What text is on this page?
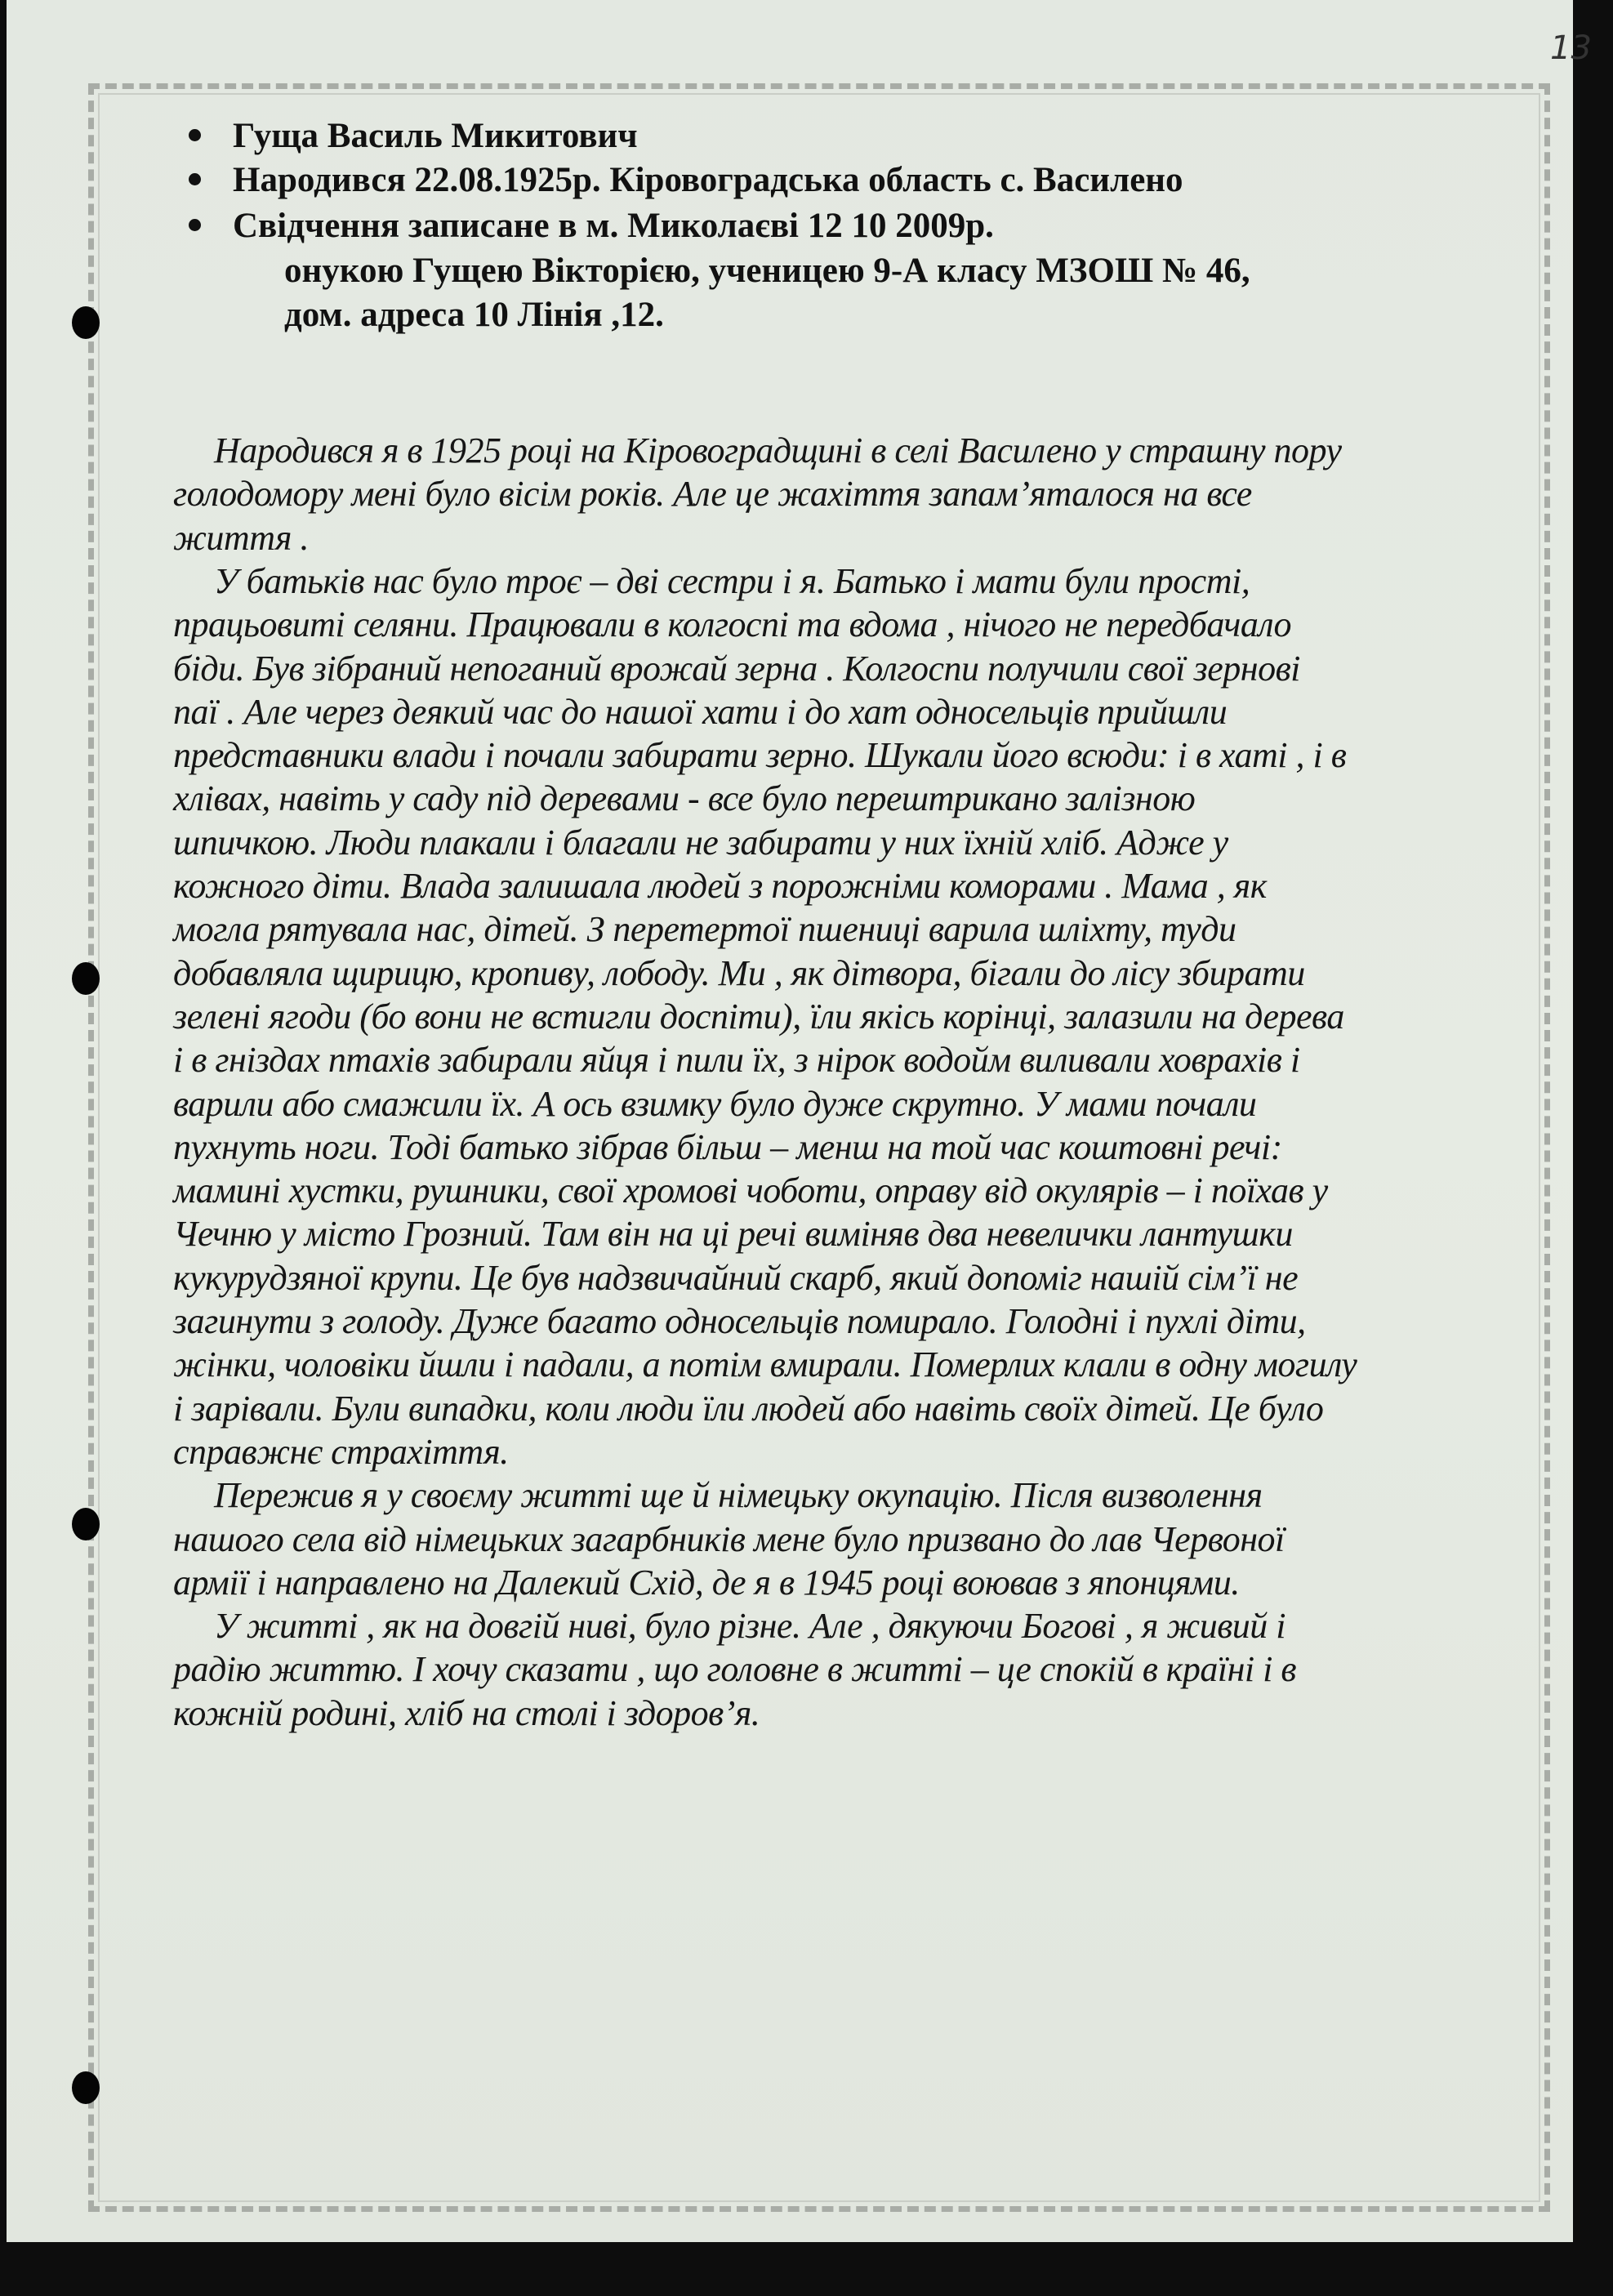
13
Гуща Василь Микитович
Народився 22.08.1925р. Кіровоградська область с. Василено
Свідчення записане в м. Миколаєві 12 10 2009р.
онукою Гущею Вікторією, ученицею 9-А класу МЗОШ № 46,
дом. адреса 10 Лінія ,12.
Народився я в 1925 році на Кіровоградщині в селі Василено у страшну пору
голодомору мені було вісім років. Але це жахіття запам’яталося на все
життя .
У батьків нас було троє – дві сестри і я. Батько і мати були прості,
працьовиті селяни. Працювали в колгоспі та вдома , нічого не передбачало
біди. Був зібраний непоганий врожай зерна . Колгоспи получили свої зернові
паї . Але через деякий час до нашої хати і до хат односельців прийшли
представники влади і почали забирати зерно. Шукали його всюди: і в хаті , і в
хлівах, навіть у саду під деревами - все було перештрикано залізною
шпичкою. Люди плакали і благали не забирати у них їхній хліб. Адже у
кожного діти. Влада залишала людей з порожніми коморами . Мама , як
могла рятувала нас, дітей. З перетертої пшениці варила шліхту, туди
добавляла щирицю, кропиву, лободу. Ми , як дітвора, бігали до лісу збирати
зелені ягоди (бо вони не встигли доспіти), їли якісь корінці, залазили на дерева
і в гніздах птахів забирали яйця і пили їх, з нірок водойм виливали ховрахів і
варили або смажили їх. А ось взимку було дуже скрутно. У мами почали
пухнуть ноги. Тоді батько зібрав більш – менш на той час коштовні речі:
мамині хустки, рушники, свої хромові чоботи, оправу від окулярів – і поїхав у
Чечню у місто Грозний. Там він на ці речі виміняв два невелички лантушки
кукурудзяної крупи. Це був надзвичайний скарб, який допоміг нашій сім’ї не
загинути з голоду. Дуже багато односельців помирало. Голодні і пухлі діти,
жінки, чоловіки йшли і падали, а потім вмирали. Померлих клали в одну могилу
і зарівали. Були випадки, коли люди їли людей або навіть своїх дітей. Це було
справжнє страхіття.
Пережив я у своєму житті ще й німецьку окупацію. Після визволення
нашого села від німецьких загарбників мене було призвано до лав Червоної
армії і направлено на Далекий Схід, де я в 1945 році воював з японцями.
У житті , як на довгій ниві, було різне. Але , дякуючи Богові , я живий і
радію життю. І хочу сказати , що головне в житті – це спокій в країні і в
кожній родині, хліб на столі і здоров’я.
